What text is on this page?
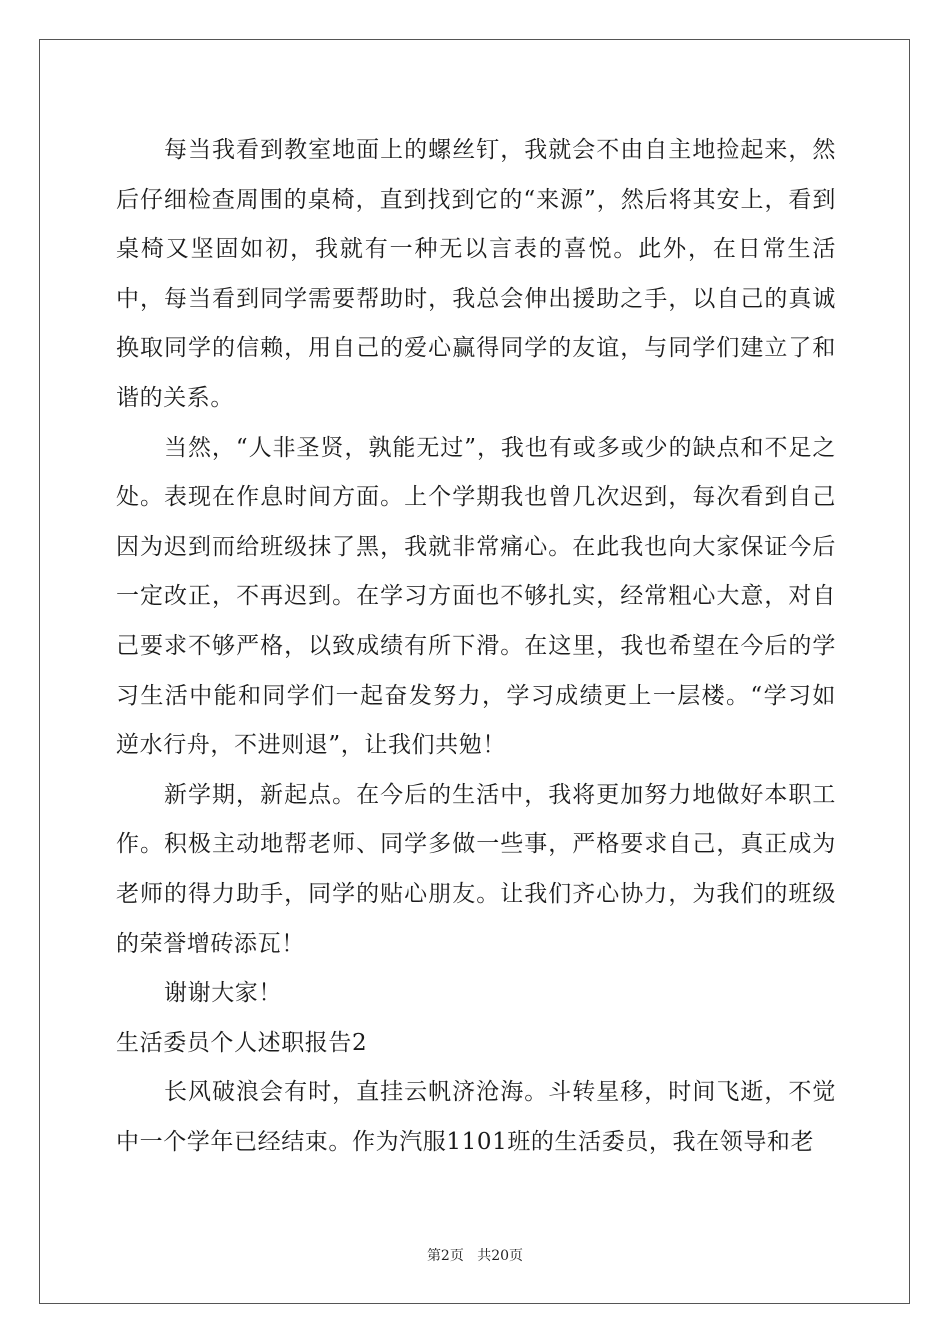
每当我看到教室地面上的螺丝钉，我就会不由自主地捡起来，然后仔细检查周围的桌椅，直到找到它的“来源”，然后将其安上，看到桌椅又坚固如初，我就有一种无以言表的喜悦。此外，在日常生活中，每当看到同学需要帮助时，我总会伸出援助之手，以自己的真诚换取同学的信赖，用自己的爱心赢得同学的友谊，与同学们建立了和谐的关系。

当然，“人非圣贤，孰能无过”，我也有或多或少的缺点和不足之处。表现在作息时间方面。上个学期我也曾几次迟到，每次看到自己因为迟到而给班级抹了黑，我就非常痛心。在此我也向大家保证今后一定改正，不再迟到。在学习方面也不够扎实，经常粗心大意，对自己要求不够严格，以致成绩有所下滑。在这里，我也希望在今后的学习生活中能和同学们一起奋发努力，学习成绩更上一层楼。“学习如逆水行舟，不进则退”，让我们共勉！

新学期，新起点。在今后的生活中，我将更加努力地做好本职工作。积极主动地帮老师、同学多做一些事，严格要求自己，真正成为老师的得力助手，同学的贴心朋友。让我们齐心协力，为我们的班级的荣誉增砖添瓦！

谢谢大家！

生活委员个人述职报告2

长风破浪会有时，直挂云帆济沧海。斗转星移，时间飞逝，不觉中一个学年已经结束。作为汽服1101班的生活委员，我在领导和老

第2页 共20页
